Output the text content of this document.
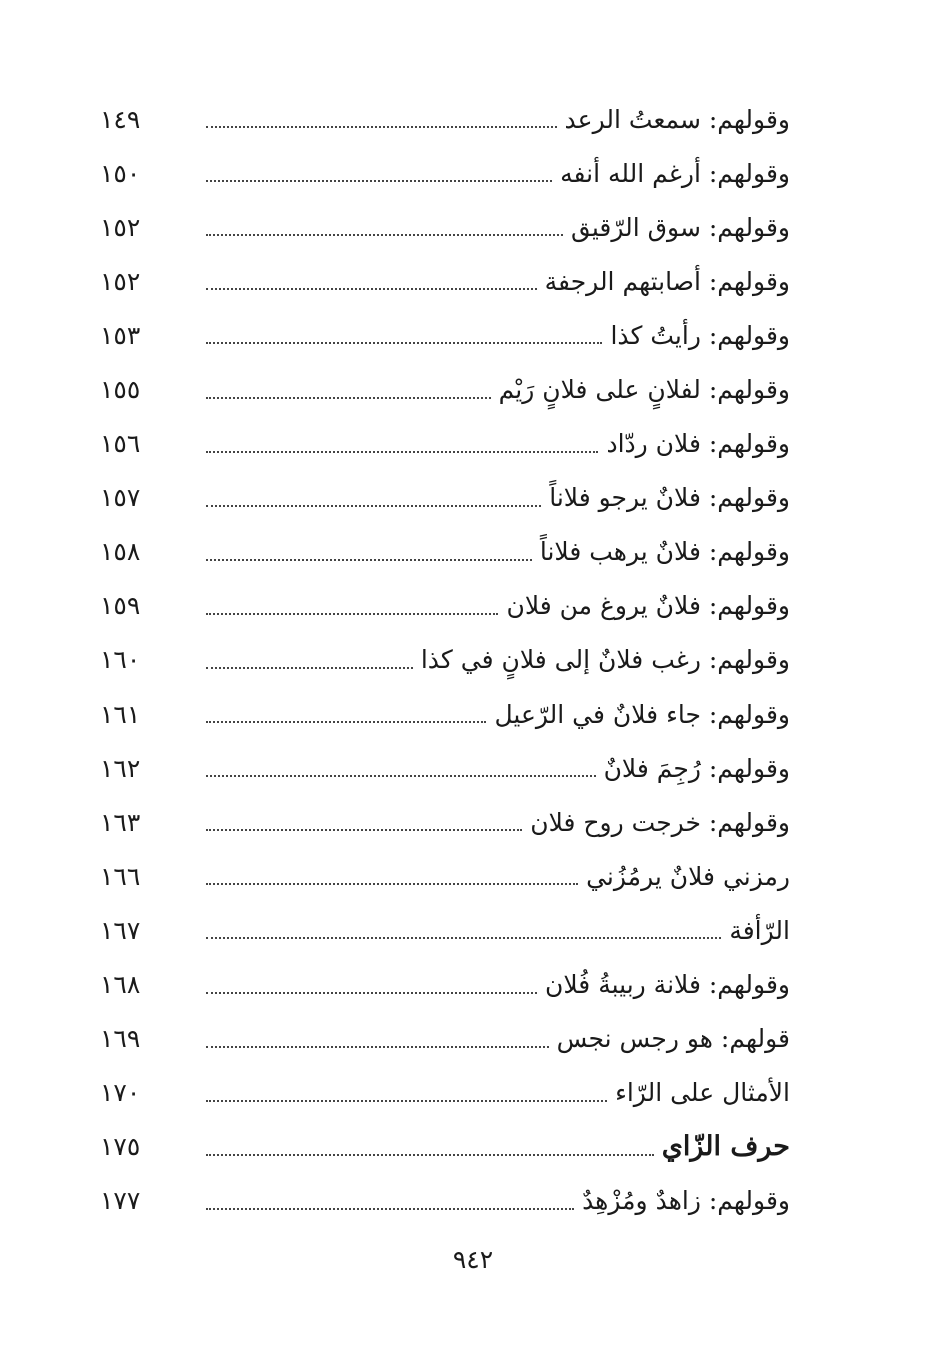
١٤٩	وقولهم: سمعتُ الرعد
١٥٠	وقولهم: أرغم الله أنفه
١٥٢	وقولهم: سوق الرّقيق
١٥٢	وقولهم: أصابتهم الرجفة
١٥٣	وقولهم: رأيتُ كذا
١٥٥	وقولهم: لفلانٍ على فلانٍ رَيْم
١٥٦	وقولهم: فلان ردّاد
١٥٧	وقولهم: فلانٌ يرجو فلاناً
١٥٨	وقولهم: فلانٌ يرهب فلاناً
١٥٩	وقولهم: فلانٌ يروغ من فلان
١٦٠	وقولهم: رغب فلانٌ إلى فلانٍ في كذا
١٦١	وقولهم: جاء فلانٌ في الرّعيل
١٦٢	وقولهم: رُجِمَ فلانٌ
١٦٣	وقولهم: خرجت روح فلان
١٦٦	رمزني فلانٌ يرمُزُني
١٦٧	الرّأفة
١٦٨	وقولهم: فلانة ربيبةُ فُلان
١٦٩	قولهم: هو رجس نجس
١٧٠	الأمثال على الرّاء
١٧٥	حرف الزّاي
١٧٧	وقولهم: زاهدٌ ومُزْهِدٌ
٩٤٢
